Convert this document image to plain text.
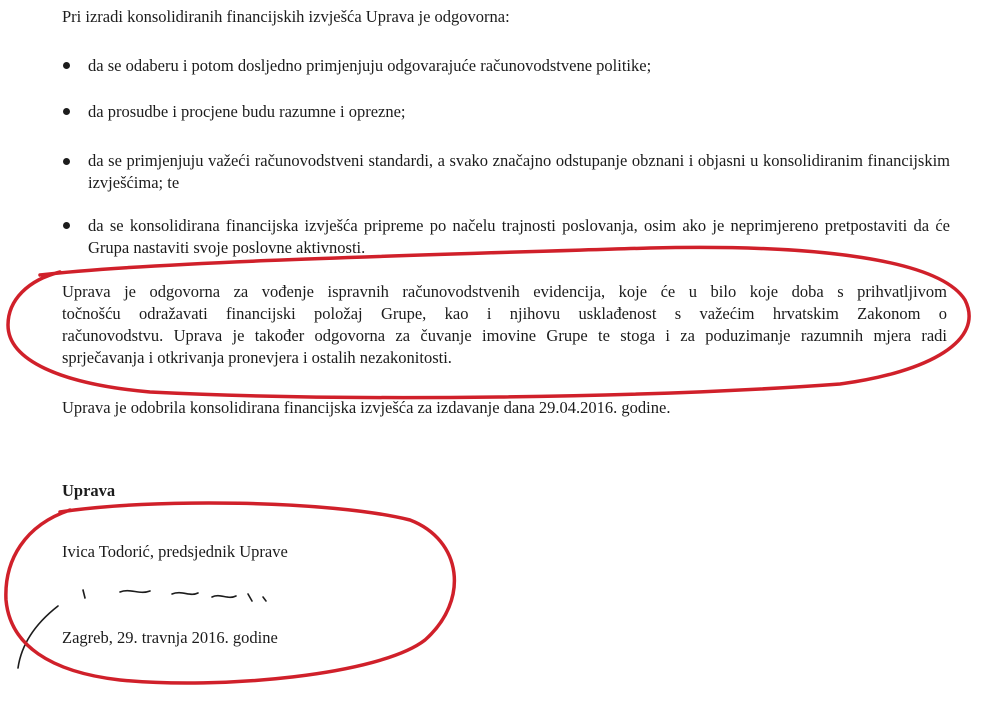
Pri izradi konsolidiranih financijskih izvješća Uprava je odgovorna:
da se odaberu i potom dosljedno primjenjuju odgovarajuće računovodstvene politike;
da prosudbe i procjene budu razumne i oprezne;
da se primjenjuju važeći računovodstveni standardi, a svako značajno odstupanje obznani i objasni u konsolidiranim financijskim izvješćima; te
da se konsolidirana financijska izvješća pripreme po načelu trajnosti poslovanja, osim ako je neprimjereno pretpostaviti da će Grupa nastaviti svoje poslovne aktivnosti.
Uprava je odgovorna za vođenje ispravnih računovodstvenih evidencija, koje će u bilo koje doba s prihvatljivom
točnošću odražavati financijski položaj Grupe, kao i njihovu usklađenost s važećim hrvatskim Zakonom o
računovodstvu. Uprava je također odgovorna za čuvanje imovine Grupe te stoga i za poduzimanje razumnih mjera radi
sprječavanja i otkrivanja pronevjera i ostalih nezakonitosti.
Uprava je odobrila konsolidirana financijska izvješća za izdavanje dana 29.04.2016. godine.
Uprava
Ivica Todorić, predsjednik Uprave
Zagreb, 29. travnja 2016. godine
